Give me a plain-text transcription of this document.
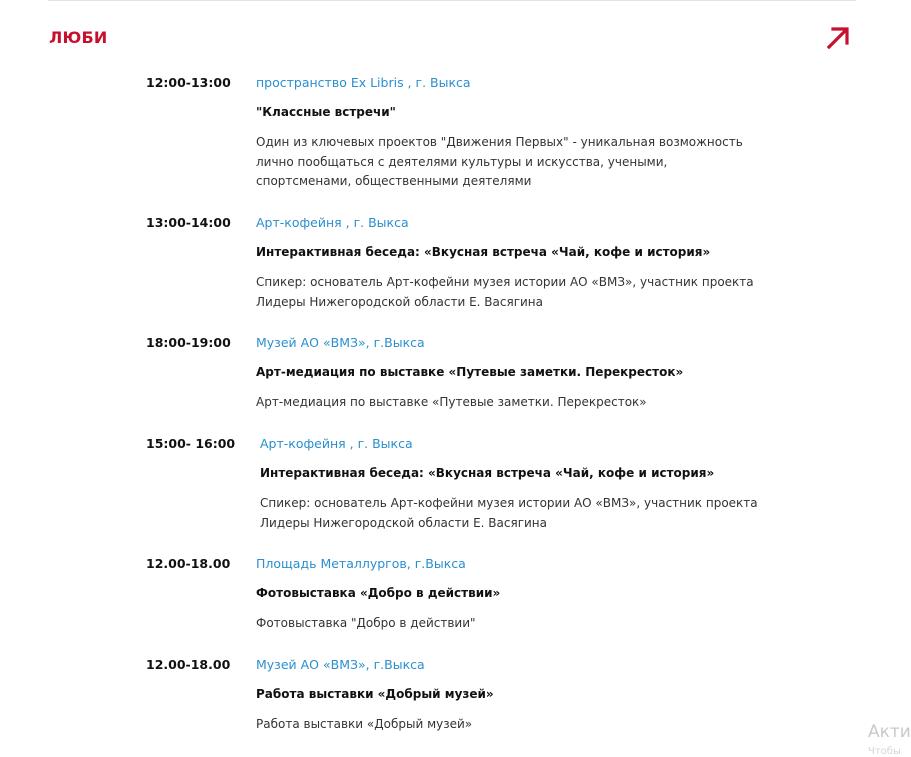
ЛЮБИ
12:00-13:00 пространство Ex Libris , г. Выкса
"Классные встречи"
Один из ключевых проектов "Движения Первых" - уникальная возможность лично пообщаться с деятелями культуры и искусства, учеными, спортсменами, общественными деятелями
13:00-14:00 Арт-кофейня , г. Выкса
Интерактивная беседа: «Вкусная встреча «Чай, кофе и история»
Спикер: основатель Арт-кофейни музея истории АО «ВМЗ», участник проекта Лидеры Нижегородской области Е. Васягина
18:00-19:00 Музей АО «ВМЗ», г.Выкса
Арт-медиация по выставке «Путевые заметки. Перекресток»
Арт-медиация по выставке «Путевые заметки. Перекресток»
15:00- 16:00 Арт-кофейня , г. Выкса
Интерактивная беседа: «Вкусная встреча «Чай, кофе и история»
Спикер: основатель Арт-кофейни музея истории АО «ВМЗ», участник проекта Лидеры Нижегородской области Е. Васягина
12.00-18.00 Площадь Металлургов, г.Выкса
Фотовыставка «Добро в действии»
Фотовыставка "Добро в действии"
12.00-18.00 Музей АО «ВМЗ», г.Выкса
Работа выставки «Добрый музей»
Работа выставки «Добрый музей»	Акти
Чтобы
